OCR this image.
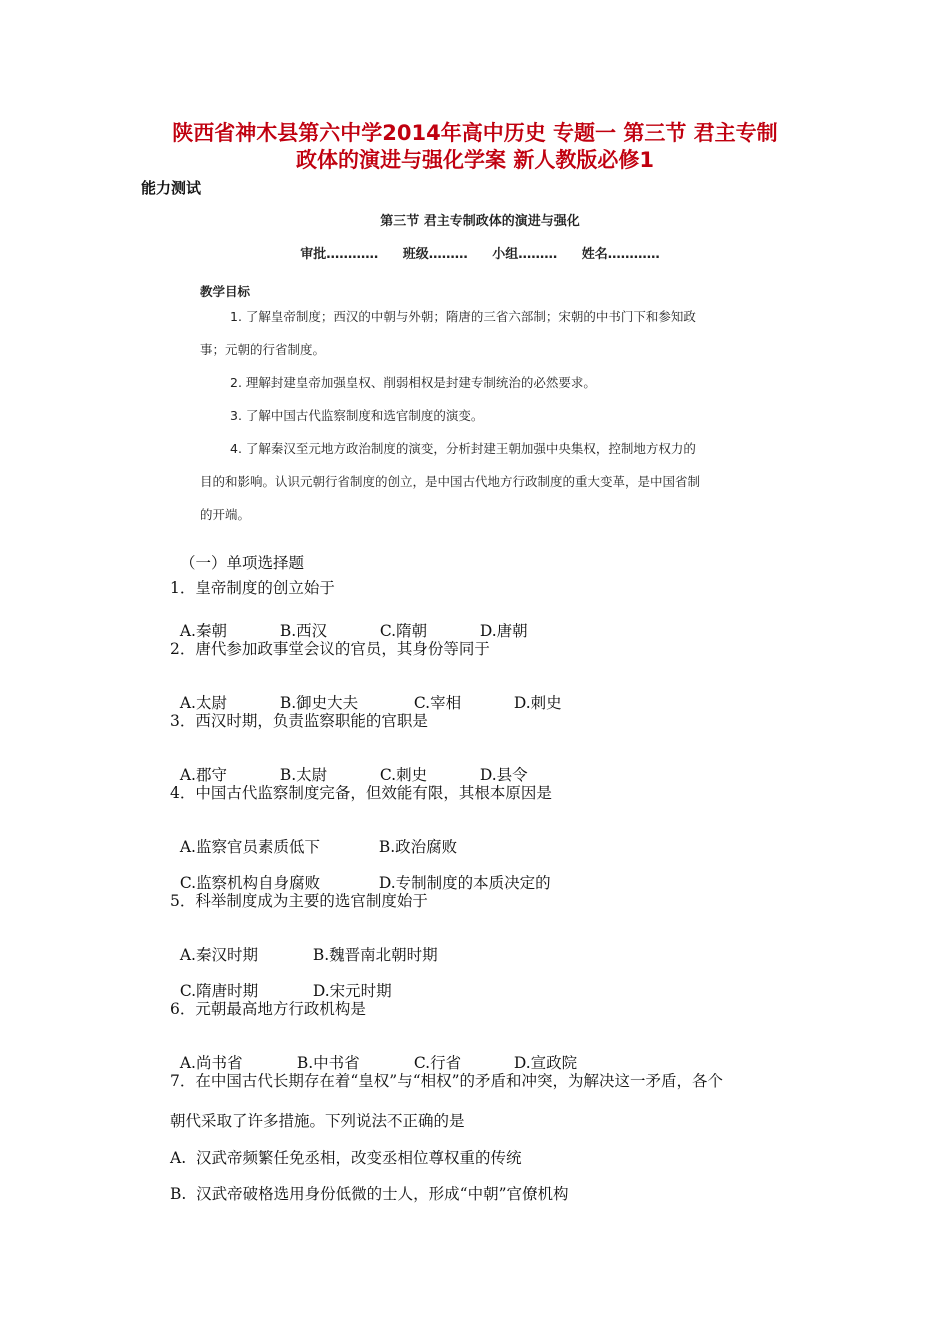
陕西省神木县第六中学2014年高中历史 专题一 第三节 君主专制
政体的演进与强化学案 新人教版必修1
能力测试
第三节 君主专制政体的演进与强化
审批………… 班级……… 小组……… 姓名…………
教学目标

1. 了解皇帝制度；西汉的中朝与外朝；隋唐的三省六部制；宋朝的中书门下和参知政

事；元朝的行省制度。

2. 理解封建皇帝加强皇权、削弱相权是封建专制统治的必然要求。

3. 了解中国古代监察制度和选官制度的演变。

4. 了解秦汉至元地方政治制度的演变，分析封建王朝加强中央集权，控制地方权力的

目的和影响。认识元朝行省制度的创立，是中国古代地方行政制度的重大变革，是中国省制

的开端。

（一）单项选择题
1．皇帝制度的创立始于

A.秦朝	B.西汉	C.隋朝	D.唐朝

2．唐代参加政事堂会议的官员，其身份等同于

A.太尉	B.御史大夫	C.宰相	D.刺史

3．西汉时期，负责监察职能的官职是

A.郡守	B.太尉	C.刺史	D.县令

4．中国古代监察制度完备，但效能有限，其根本原因是

A.监察官员素质低下	B.政治腐败

C.监察机构自身腐败	D.专制制度的本质决定的

5．科举制度成为主要的选官制度始于

A.秦汉时期	B.魏晋南北朝时期

C.隋唐时期	D.宋元时期

6．元朝最高地方行政机构是

A.尚书省	B.中书省	C.行省	D.宣政院

7．在中国古代长期存在着“皇权”与“相权”的矛盾和冲突，为解决这一矛盾，各个
朝代采取了许多措施。下列说法不正确的是
A.  汉武帝频繁任免丞相，改变丞相位尊权重的传统
B.  汉武帝破格选用身份低微的士人，形成“中朝”官僚机构
